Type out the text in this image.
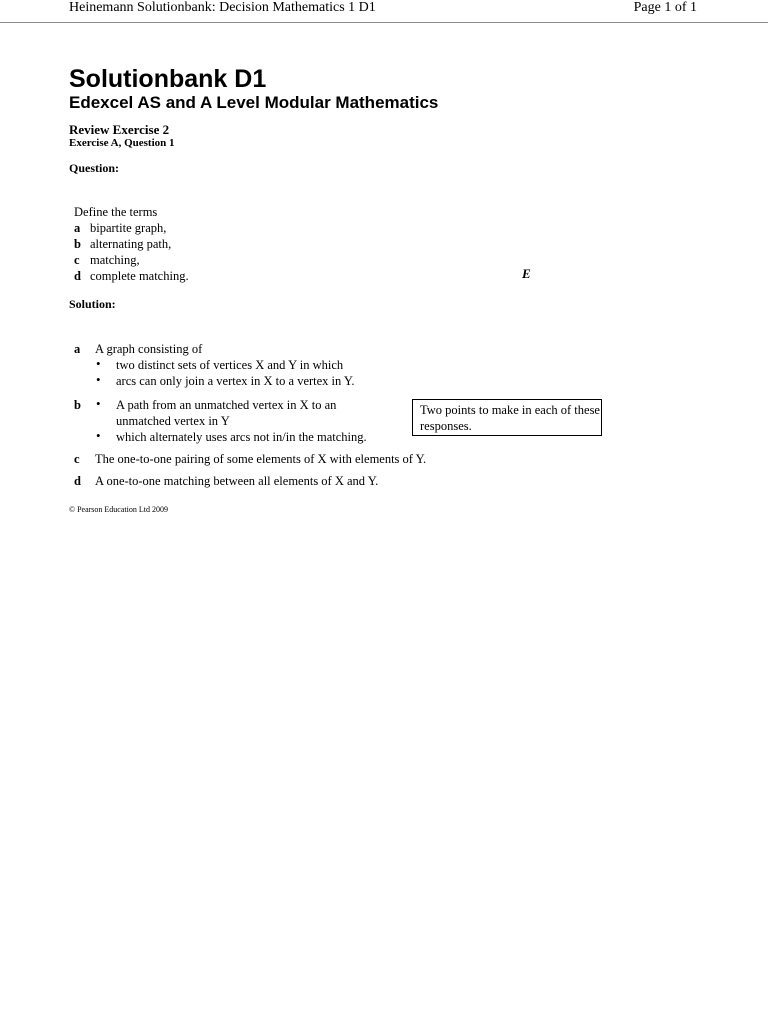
Heinemann Solutionbank: Decision Mathematics 1 D1	Page 1 of 1
Solutionbank D1
Edexcel AS and A Level Modular Mathematics
Review Exercise 2
Exercise A, Question 1
Question:
Define the terms
a bipartite graph,
b alternating path,
c matching,
d complete matching.	E
Solution:
a A graph consisting of
• two distinct sets of vertices X and Y in which
• arcs can only join a vertex in X to a vertex in Y.
b • A path from an unmatched vertex in X to an
unmatched vertex in Y
• which alternately uses arcs not in/in the matching.
Two points to make in each of these responses.
c The one-to-one pairing of some elements of X with elements of Y.
d A one-to-one matching between all elements of X and Y.
© Pearson Education Ltd 2009
